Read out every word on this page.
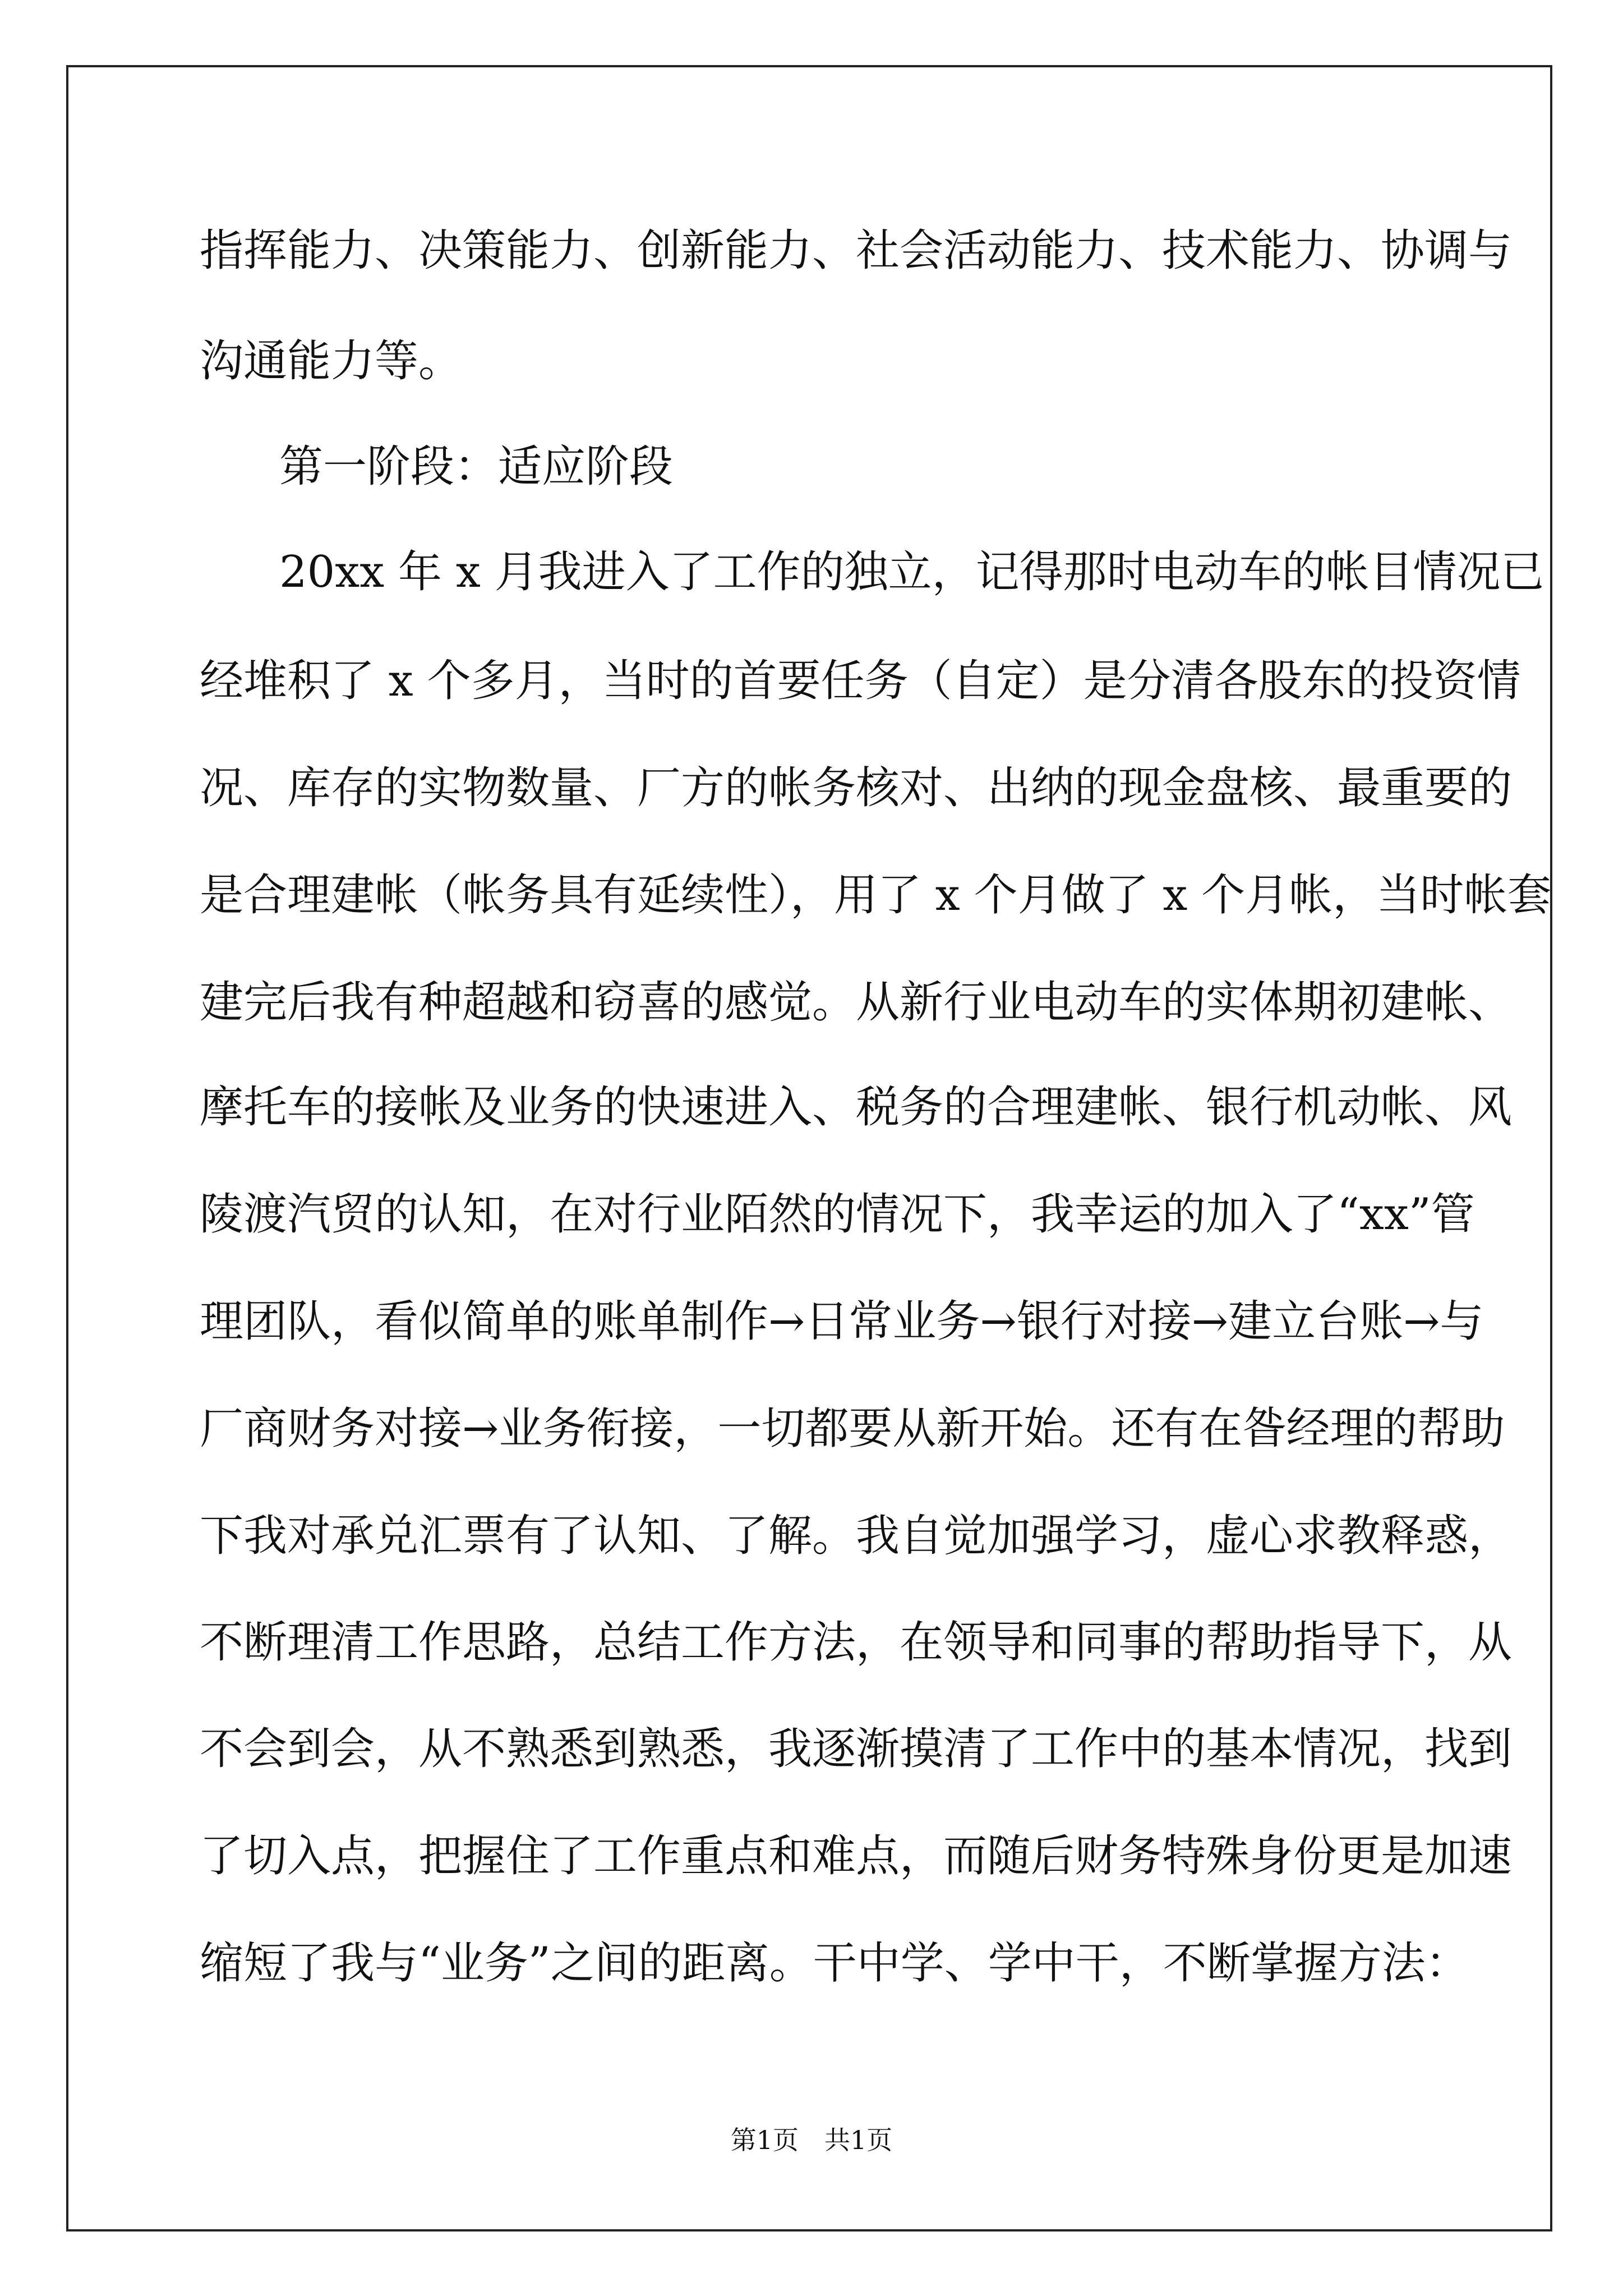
指挥能力、决策能力、创新能力、社会活动能力、技术能力、协调与
沟通能力等。
第一阶段：适应阶段
20xx 年 x 月我进入了工作的独立，记得那时电动车的帐目情况已
经堆积了 x 个多月，当时的首要任务（自定）是分清各股东的投资情
况、库存的实物数量、厂方的帐务核对、出纳的现金盘核、最重要的
是合理建帐（帐务具有延续性），用了 x 个月做了 x 个月帐，当时帐套
建完后我有种超越和窃喜的感觉。从新行业电动车的实体期初建帐、
摩托车的接帐及业务的快速进入、税务的合理建帐、银行机动帐、风
陵渡汽贸的认知，在对行业陌然的情况下，我幸运的加入了“xx”管
理团队，看似简单的账单制作→日常业务→银行对接→建立台账→与
厂商财务对接→业务衔接，一切都要从新开始。还有在昝经理的帮助
下我对承兑汇票有了认知、了解。我自觉加强学习，虚心求教释惑，
不断理清工作思路，总结工作方法，在领导和同事的帮助指导下，从
不会到会，从不熟悉到熟悉，我逐渐摸清了工作中的基本情况，找到
了切入点，把握住了工作重点和难点，而随后财务特殊身份更是加速
缩短了我与“业务”之间的距离。干中学、学中干，不断掌握方法：
第1页　共1页
